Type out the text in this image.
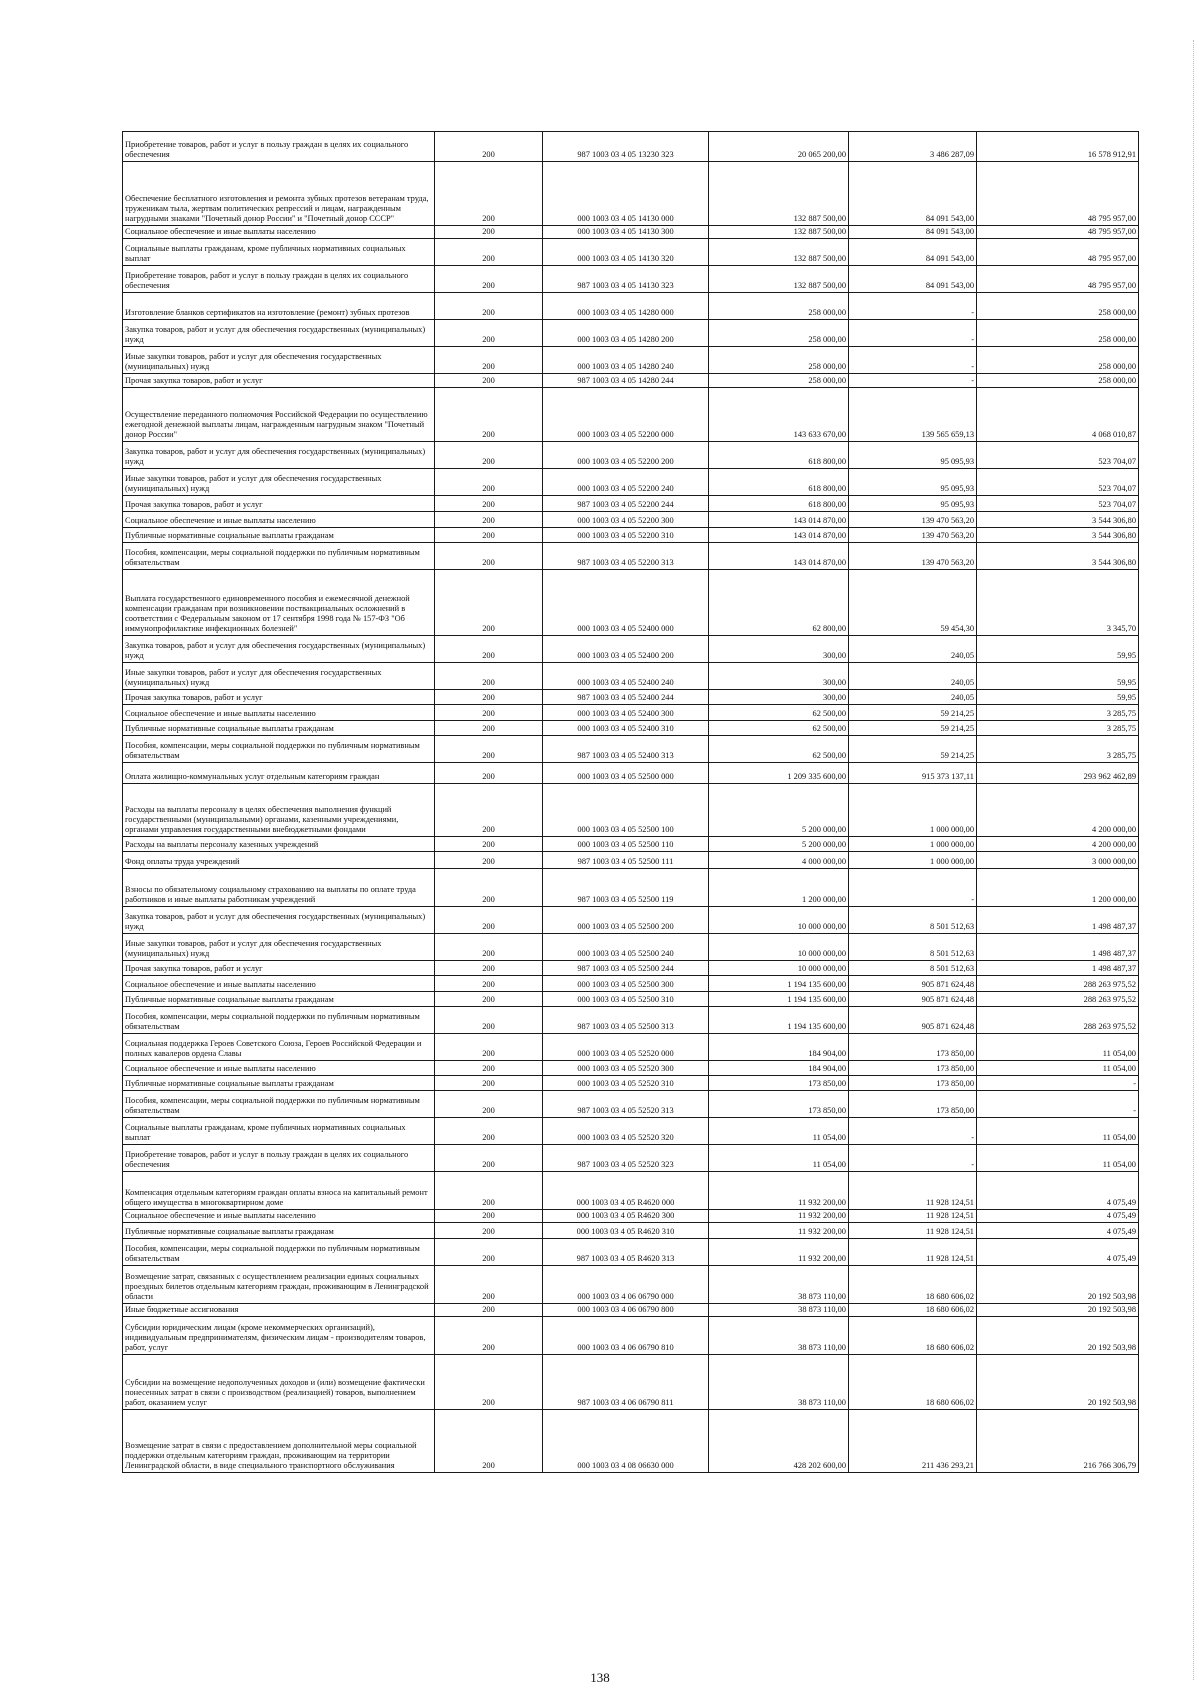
Приобретение товаров, работ и услуг в пользу граждан в целях их социального обеспечения	200	987 1003 03 4 05 13230 323	20 065 200,00	3 486 287,09	16 578 912,91
Обеспечение бесплатного изготовления и ремонта зубных протезов ветеранам труда, труженикам тыла, жертвам политических репрессий и лицам, награжденным нагрудными знаками "Почетный донор России" и "Почетный донор СССР"	200	000 1003 03 4 05 14130 000	132 887 500,00	84 091 543,00	48 795 957,00
Социальное обеспечение и иные выплаты населению	200	000 1003 03 4 05 14130 300	132 887 500,00	84 091 543,00	48 795 957,00
Социальные выплаты гражданам, кроме публичных нормативных социальных выплат	200	000 1003 03 4 05 14130 320	132 887 500,00	84 091 543,00	48 795 957,00
Приобретение товаров, работ и услуг в пользу граждан в целях их социального обеспечения	200	987 1003 03 4 05 14130 323	132 887 500,00	84 091 543,00	48 795 957,00
Изготовление бланков сертификатов на изготовление (ремонт) зубных протезов	200	000 1003 03 4 05 14280 000	258 000,00	-	258 000,00
Закупка товаров, работ и услуг для обеспечения государственных (муниципальных) нужд	200	000 1003 03 4 05 14280 200	258 000,00	-	258 000,00
Иные закупки товаров, работ и услуг для обеспечения государственных (муниципальных) нужд	200	000 1003 03 4 05 14280 240	258 000,00	-	258 000,00
Прочая закупка товаров, работ и услуг	200	987 1003 03 4 05 14280 244	258 000,00	-	258 000,00
Осуществление переданного полномочия Российской Федерации по осуществлению ежегодной денежной выплаты лицам, награжденным нагрудным знаком "Почетный донор России"	200	000 1003 03 4 05 52200 000	143 633 670,00	139 565 659,13	4 068 010,87
Закупка товаров, работ и услуг для обеспечения государственных (муниципальных) нужд	200	000 1003 03 4 05 52200 200	618 800,00	95 095,93	523 704,07
Иные закупки товаров, работ и услуг для обеспечения государственных (муниципальных) нужд	200	000 1003 03 4 05 52200 240	618 800,00	95 095,93	523 704,07
Прочая закупка товаров, работ и услуг	200	987 1003 03 4 05 52200 244	618 800,00	95 095,93	523 704,07
Социальное обеспечение и иные выплаты населению	200	000 1003 03 4 05 52200 300	143 014 870,00	139 470 563,20	3 544 306,80
Публичные нормативные социальные выплаты гражданам	200	000 1003 03 4 05 52200 310	143 014 870,00	139 470 563,20	3 544 306,80
Пособия, компенсации, меры социальной поддержки по публичным нормативным обязательствам	200	987 1003 03 4 05 52200 313	143 014 870,00	139 470 563,20	3 544 306,80
Выплата государственного единовременного пособия и ежемесячной денежной компенсации гражданам при возникновении поствакцинальных осложнений в соответствии с Федеральным законом от 17 сентября 1998 года № 157-ФЗ "Об иммунопрофилактике инфекционных болезней"	200	000 1003 03 4 05 52400 000	62 800,00	59 454,30	3 345,70
Закупка товаров, работ и услуг для обеспечения государственных (муниципальных) нужд	200	000 1003 03 4 05 52400 200	300,00	240,05	59,95
Иные закупки товаров, работ и услуг для обеспечения государственных (муниципальных) нужд	200	000 1003 03 4 05 52400 240	300,00	240,05	59,95
Прочая закупка товаров, работ и услуг	200	987 1003 03 4 05 52400 244	300,00	240,05	59,95
Социальное обеспечение и иные выплаты населению	200	000 1003 03 4 05 52400 300	62 500,00	59 214,25	3 285,75
Публичные нормативные социальные выплаты гражданам	200	000 1003 03 4 05 52400 310	62 500,00	59 214,25	3 285,75
Пособия, компенсации, меры социальной поддержки по публичным нормативным обязательствам	200	987 1003 03 4 05 52400 313	62 500,00	59 214,25	3 285,75
Оплата жилищно-коммунальных услуг отдельным категориям граждан	200	000 1003 03 4 05 52500 000	1 209 335 600,00	915 373 137,11	293 962 462,89
Расходы на выплаты персоналу в целях обеспечения выполнения функций государственными (муниципальными) органами, казенными учреждениями, органами управления государственными внебюджетными фондами	200	000 1003 03 4 05 52500 100	5 200 000,00	1 000 000,00	4 200 000,00
Расходы на выплаты персоналу казенных учреждений	200	000 1003 03 4 05 52500 110	5 200 000,00	1 000 000,00	4 200 000,00
Фонд оплаты труда учреждений	200	987 1003 03 4 05 52500 111	4 000 000,00	1 000 000,00	3 000 000,00
Взносы по обязательному социальному страхованию на выплаты по оплате труда работников и иные выплаты работникам учреждений	200	987 1003 03 4 05 52500 119	1 200 000,00	-	1 200 000,00
Закупка товаров, работ и услуг для обеспечения государственных (муниципальных) нужд	200	000 1003 03 4 05 52500 200	10 000 000,00	8 501 512,63	1 498 487,37
Иные закупки товаров, работ и услуг для обеспечения государственных (муниципальных) нужд	200	000 1003 03 4 05 52500 240	10 000 000,00	8 501 512,63	1 498 487,37
Прочая закупка товаров, работ и услуг	200	987 1003 03 4 05 52500 244	10 000 000,00	8 501 512,63	1 498 487,37
Социальное обеспечение и иные выплаты населению	200	000 1003 03 4 05 52500 300	1 194 135 600,00	905 871 624,48	288 263 975,52
Публичные нормативные социальные выплаты гражданам	200	000 1003 03 4 05 52500 310	1 194 135 600,00	905 871 624,48	288 263 975,52
Пособия, компенсации, меры социальной поддержки по публичным нормативным обязательствам	200	987 1003 03 4 05 52500 313	1 194 135 600,00	905 871 624,48	288 263 975,52
Социальная поддержка Героев Советского Союза, Героев Российской Федерации и полных кавалеров ордена Славы	200	000 1003 03 4 05 52520 000	184 904,00	173 850,00	11 054,00
Социальное обеспечение и иные выплаты населению	200	000 1003 03 4 05 52520 300	184 904,00	173 850,00	11 054,00
Публичные нормативные социальные выплаты гражданам	200	000 1003 03 4 05 52520 310	173 850,00	173 850,00	-
Пособия, компенсации, меры социальной поддержки по публичным нормативным обязательствам	200	987 1003 03 4 05 52520 313	173 850,00	173 850,00	-
Социальные выплаты гражданам, кроме публичных нормативных социальных выплат	200	000 1003 03 4 05 52520 320	11 054,00	-	11 054,00
Приобретение товаров, работ и услуг в пользу граждан в целях их социального обеспечения	200	987 1003 03 4 05 52520 323	11 054,00	-	11 054,00
Компенсация отдельным категориям граждан оплаты взноса на капитальный ремонт общего имущества в многоквартирном доме	200	000 1003 03 4 05 R4620 000	11 932 200,00	11 928 124,51	4 075,49
Социальное обеспечение и иные выплаты населению	200	000 1003 03 4 05 R4620 300	11 932 200,00	11 928 124,51	4 075,49
Публичные нормативные социальные выплаты гражданам	200	000 1003 03 4 05 R4620 310	11 932 200,00	11 928 124,51	4 075,49
Пособия, компенсации, меры социальной поддержки по публичным нормативным обязательствам	200	987 1003 03 4 05 R4620 313	11 932 200,00	11 928 124,51	4 075,49
Возмещение затрат, связанных с осуществлением реализации единых социальных проездных билетов отдельным категориям граждан, проживающим в Ленинградской области	200	000 1003 03 4 06 06790 000	38 873 110,00	18 680 606,02	20 192 503,98
Иные бюджетные ассигнования	200	000 1003 03 4 06 06790 800	38 873 110,00	18 680 606,02	20 192 503,98
Субсидии юридическим лицам (кроме некоммерческих организаций), индивидуальным предпринимателям, физическим лицам - производителям товаров, работ, услуг	200	000 1003 03 4 06 06790 810	38 873 110,00	18 680 606,02	20 192 503,98
Субсидии на возмещение недополученных доходов и (или) возмещение фактически понесенных затрат в связи с производством (реализацией) товаров, выполнением работ, оказанием услуг	200	987 1003 03 4 06 06790 811	38 873 110,00	18 680 606,02	20 192 503,98
Возмещение затрат в связи с предоставлением дополнительной меры социальной поддержки отдельным категориям граждан, проживающим на территории Ленинградской области, в виде специального транспортного обслуживания	200	000 1003 03 4 08 06630 000	428 202 600,00	211 436 293,21	216 766 306,79
138
